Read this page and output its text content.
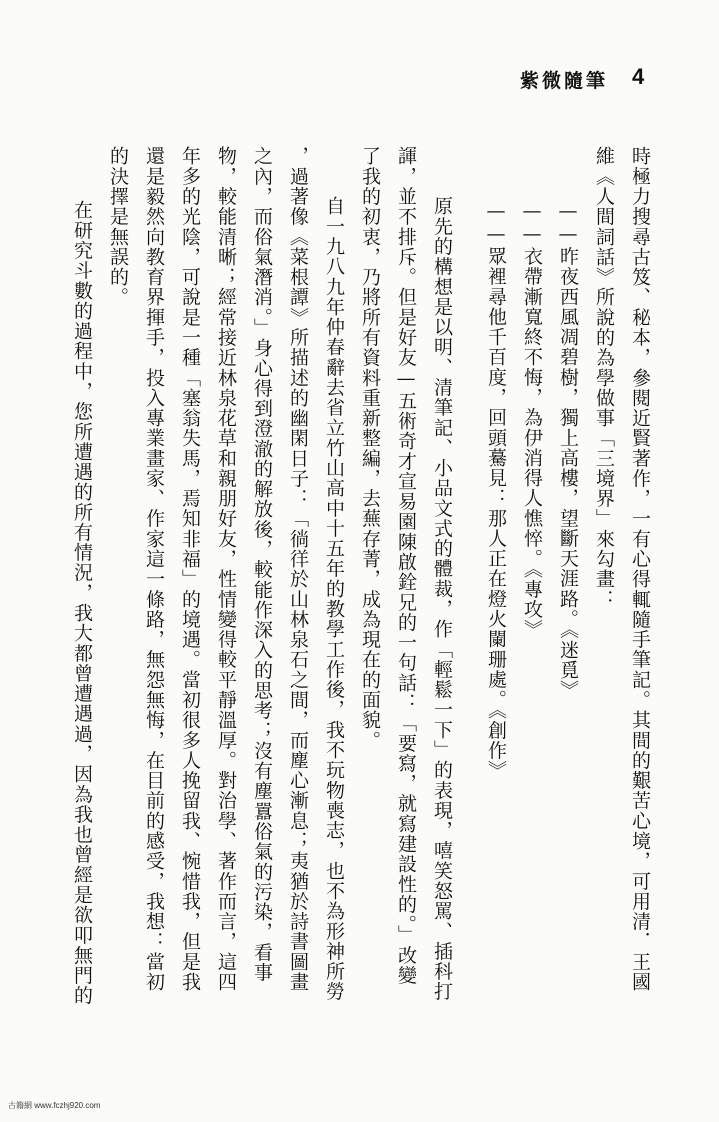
紫微隨筆 4
時極力搜尋古笈、秘本，參閱近賢著作，一有心得輒隨手筆記。其間的艱苦心境，可用清．王國
維《人間詞話》所說的為學做事「三境界」來勾畫：
——昨夜西風凋碧樹，獨上高樓，望斷天涯路。《迷覓》
——衣帶漸寬終不悔，為伊消得人憔悴。《專攻》
——眾裡尋他千百度，回頭驀見：那人正在燈火闌珊處。《創作》
原先的構想是以明、清筆記、小品文式的體裁，作「輕鬆一下」的表現，嘻笑怒罵、插科打
諢，並不排斥。但是好友—五術奇才宣易園陳啟銓兄的一句話：「要寫，就寫建設性的。」改變
了我的初衷，乃將所有資料重新整編，去蕪存菁，成為現在的面貌。
自一九八九年仲春辭去省立竹山高中十五年的教學工作後，我不玩物喪志，也不為形神所勞
，過著像《菜根譚》所描述的幽閑日子：「徜徉於山林泉石之間，而塵心漸息；夷猶於詩書圖畫
之內，而俗氣潛消。」身心得到澄澈的解放後，較能作深入的思考；沒有塵囂俗氣的污染，看事
物，較能清晰；經常接近林泉花草和親朋好友，性情變得較平靜溫厚。對治學、著作而言，這四
年多的光陰，可說是一種「塞翁失馬，焉知非福」的境遇。當初很多人挽留我、惋惜我，但是我
還是毅然向教育界揮手，投入專業畫家、作家這一條路，無怨無悔，在目前的感受，我想：當初
的決擇是無誤的。
在研究斗數的過程中，您所遭遇的所有情況，我大都曾遭遇過，因為我也曾經是欲叩無門的
古籍網 www.fczhj920.com
